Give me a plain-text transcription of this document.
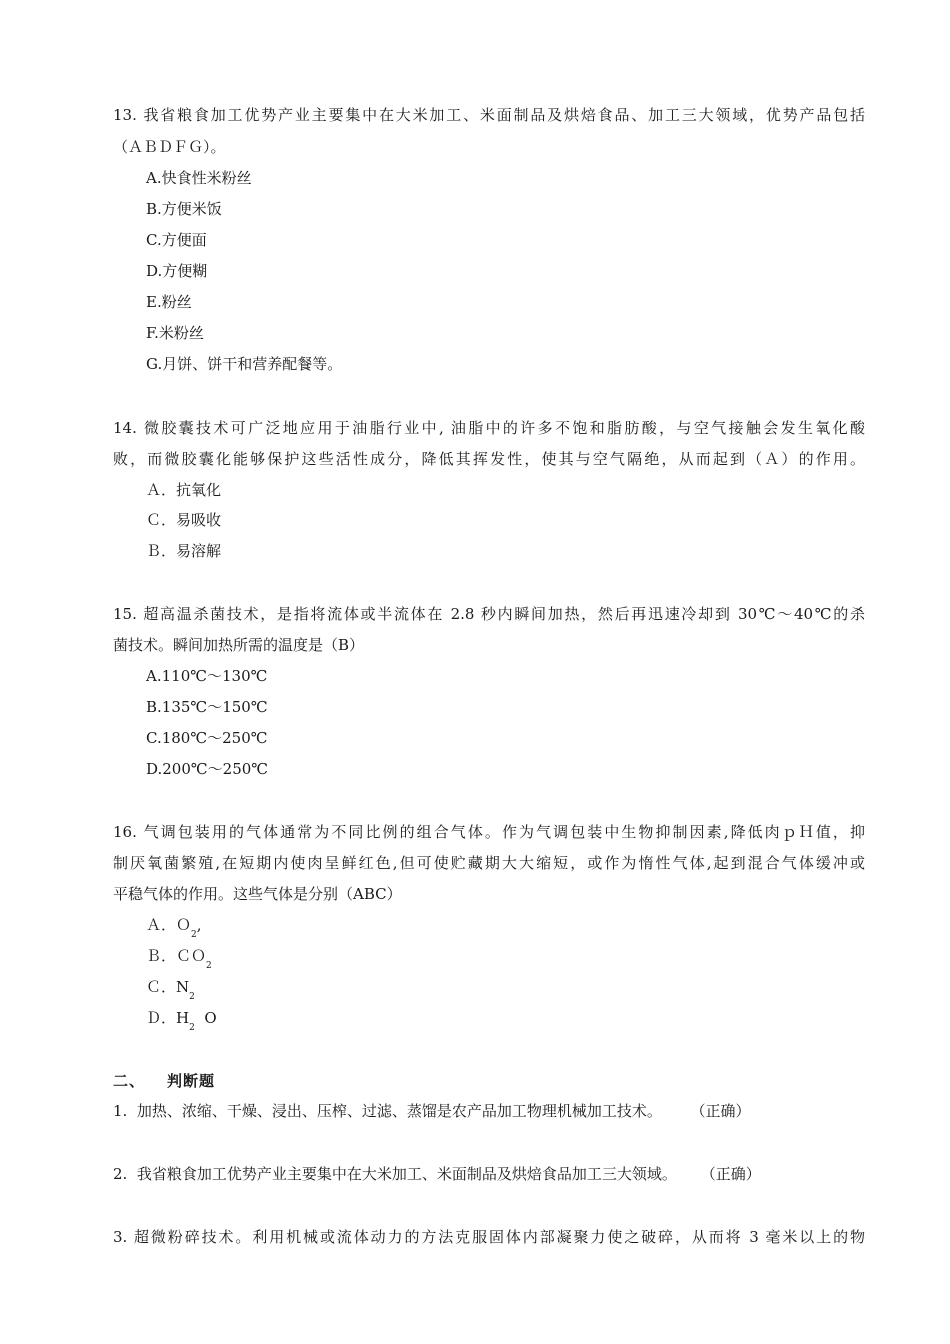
13. 我省粮食加工优势产业主要集中在大米加工、米面制品及烘焙食品、加工三大领域，优势产品包括
（ＡＢＤＦＧ）。
A.快食性米粉丝
B.方便米饭
C.方便面
D.方便糊
E.粉丝
F.米粉丝
G.月饼、饼干和营养配餐等。
14. 微胶囊技术可广泛地应用于油脂行业中, 油脂中的许多不饱和脂肪酸，与空气接触会发生氧化酸
败，而微胶囊化能够保护这些活性成分，降低其挥发性，使其与空气隔绝，从而起到（Ａ）的作用。
Ａ．抗氧化
Ｃ．易吸收
Ｂ．易溶解
15. 超高温杀菌技术，是指将流体或半流体在 2.8 秒内瞬间加热，然后再迅速冷却到 30℃～40℃的杀
菌技术。瞬间加热所需的温度是（B）
A.110℃～130℃
B.135℃～150℃
C.180℃～250℃
D.200℃～250℃
16. 气调包装用的气体通常为不同比例的组合气体。作为气调包装中生物抑制因素,降低肉ｐＨ值，抑
制厌氧菌繁殖,在短期内使肉呈鲜红色,但可使贮藏期大大缩短，或作为惰性气体,起到混合气体缓冲或
平稳气体的作用。这些气体是分别（ABC）
Ａ．Ｏ$_2$,
Ｂ．ＣＯ$_2$
Ｃ．$N_2$
Ｄ．$H_2$  O
二、 判断题
1.  加热、浓缩、干燥、浸出、压榨、过滤、蒸馏是农产品加工物理机械加工技术。      （正确）
2.  我省粮食加工优势产业主要集中在大米加工、米面制品及烘焙食品加工三大领域。     （正确）
3. 超微粉碎技术。利用机械或流体动力的方法克服固体内部凝聚力使之破碎，从而将 3 毫米以上的物
